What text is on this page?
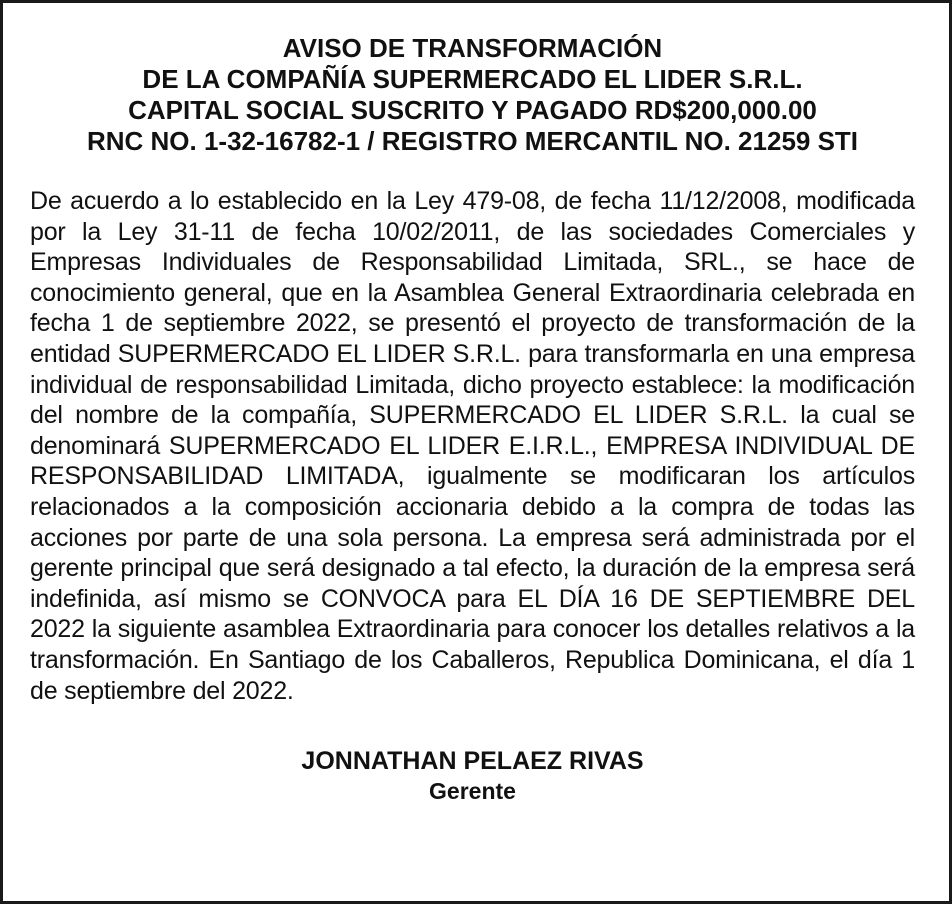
AVISO DE TRANSFORMACIÓN
DE LA COMPAÑÍA SUPERMERCADO EL LIDER S.R.L.
CAPITAL SOCIAL SUSCRITO Y PAGADO RD$200,000.00
RNC NO. 1-32-16782-1 / REGISTRO MERCANTIL NO. 21259 STI
De acuerdo a lo establecido en la Ley 479-08, de fecha 11/12/2008, modificada por la Ley 31-11 de fecha 10/02/2011, de las sociedades Comerciales y Empresas Individuales de Responsabilidad Limitada, SRL., se hace de conocimiento general, que en la Asamblea General Extraordinaria celebrada en fecha 1 de septiembre 2022, se presentó el proyecto de transformación de la entidad SUPERMERCADO EL LIDER S.R.L. para transformarla en una empresa individual de responsabilidad Limitada, dicho proyecto establece: la modificación del nombre de la compañía, SUPERMERCADO EL LIDER S.R.L. la cual se denominará SUPERMERCADO EL LIDER E.I.R.L., EMPRESA INDIVIDUAL DE RESPONSABILIDAD LIMITADA, igualmente se modificaran los artículos relacionados a la composición accionaria debido a la compra de todas las acciones por parte de una sola persona. La empresa será administrada por el gerente principal que será designado a tal efecto, la duración de la empresa será indefinida, así mismo se CONVOCA para EL DÍA 16 DE SEPTIEMBRE DEL 2022 la siguiente asamblea Extraordinaria para conocer los detalles relativos a la transformación. En Santiago de los Caballeros, Republica Dominicana, el día 1 de septiembre del 2022.
JONNATHAN PELAEZ RIVAS
Gerente
